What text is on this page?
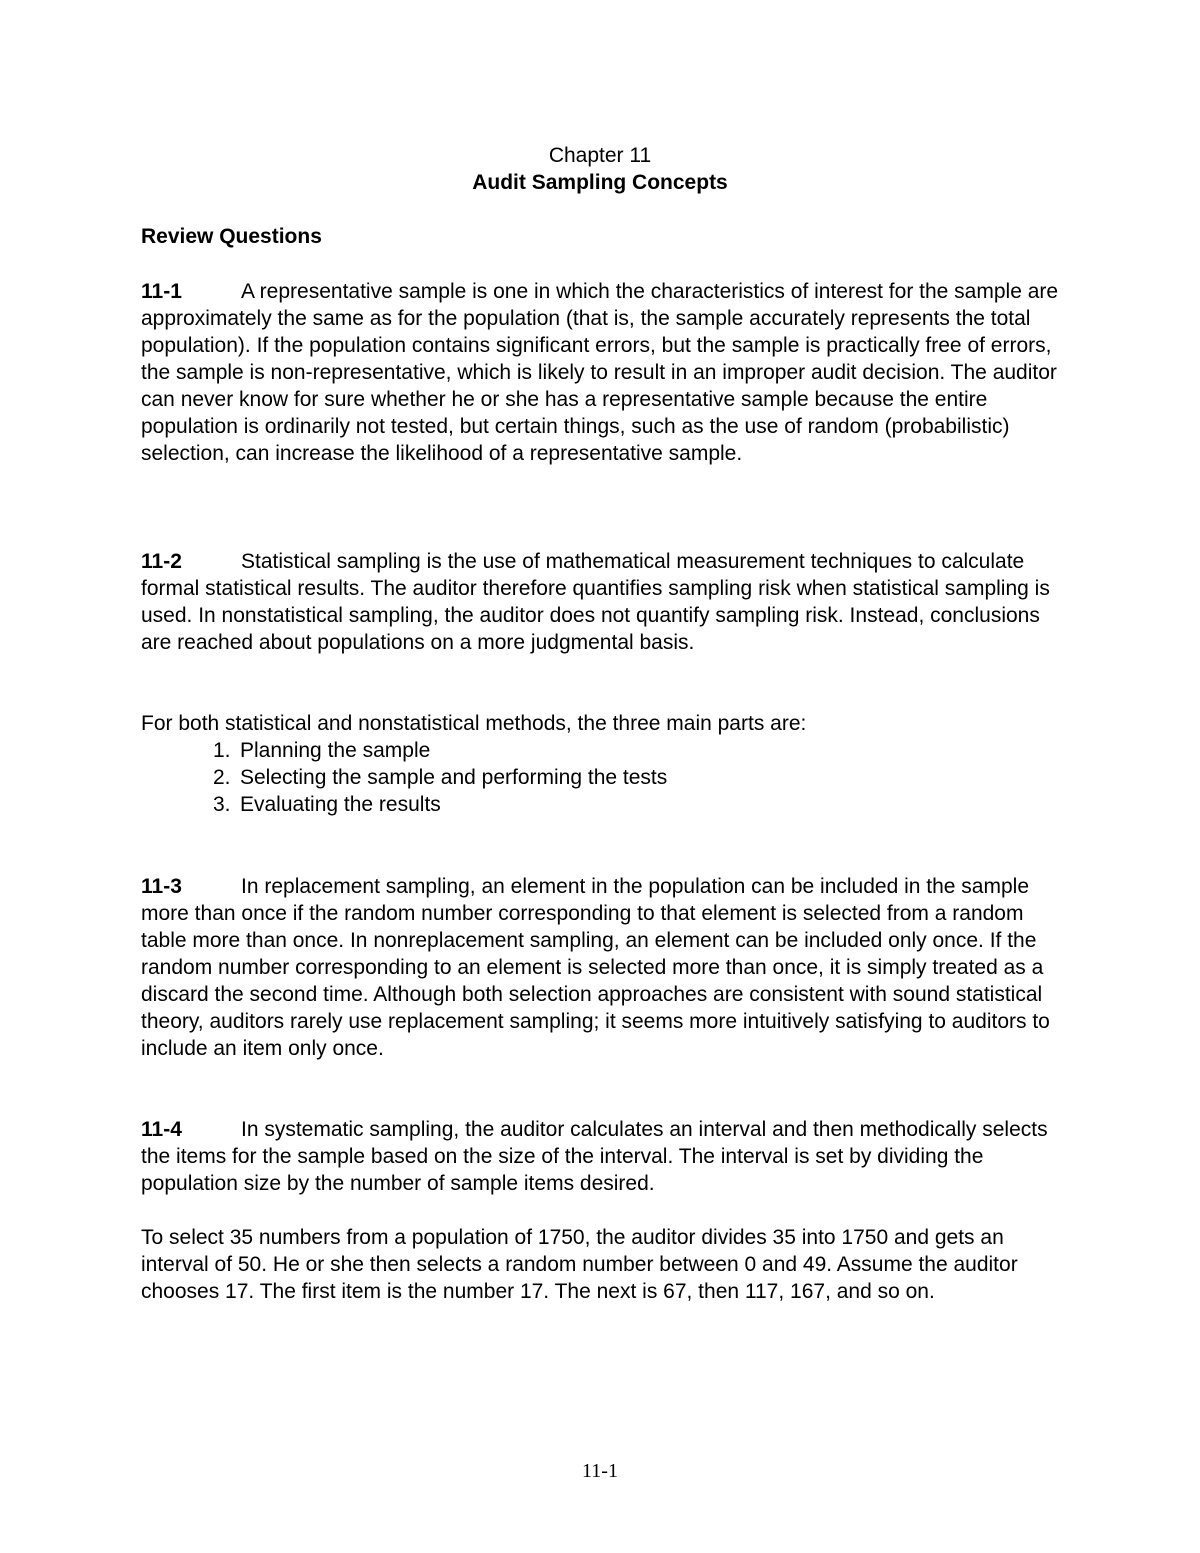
Chapter 11
Audit Sampling Concepts
Review Questions

11-1	A representative sample is one in which the characteristics of interest for the sample are approximately the same as for the population (that is, the sample accurately represents the total population). If the population contains significant errors, but the sample is practically free of errors, the sample is non-representative, which is likely to result in an improper audit decision. The auditor can never know for sure whether he or she has a representative sample because the entire population is ordinarily not tested, but certain things, such as the use of random (probabilistic) selection, can increase the likelihood of a representative sample.

11-2	Statistical sampling is the use of mathematical measurement techniques to calculate formal statistical results. The auditor therefore quantifies sampling risk when statistical sampling is used. In nonstatistical sampling, the auditor does not quantify sampling risk. Instead, conclusions are reached about populations on a more judgmental basis.

For both statistical and nonstatistical methods, the three main parts are:

1. Planning the sample
2. Selecting the sample and performing the tests
3. Evaluating the results

11-3	In replacement sampling, an element in the population can be included in the sample more than once if the random number corresponding to that element is selected from a random table more than once. In nonreplacement sampling, an element can be included only once. If the random number corresponding to an element is selected more than once, it is simply treated as a discard the second time. Although both selection approaches are consistent with sound statistical theory, auditors rarely use replacement sampling; it seems more intuitively satisfying to auditors to include an item only once.

11-4	In systematic sampling, the auditor calculates an interval and then methodically selects the items for the sample based on the size of the interval. The interval is set by dividing the population size by the number of sample items desired.

To select 35 numbers from a population of 1750, the auditor divides 35 into 1750 and gets an interval of 50. He or she then selects a random number between 0 and 49. Assume the auditor chooses 17. The first item is the number 17. The next is 67, then 117, 167, and so on.

11-1
